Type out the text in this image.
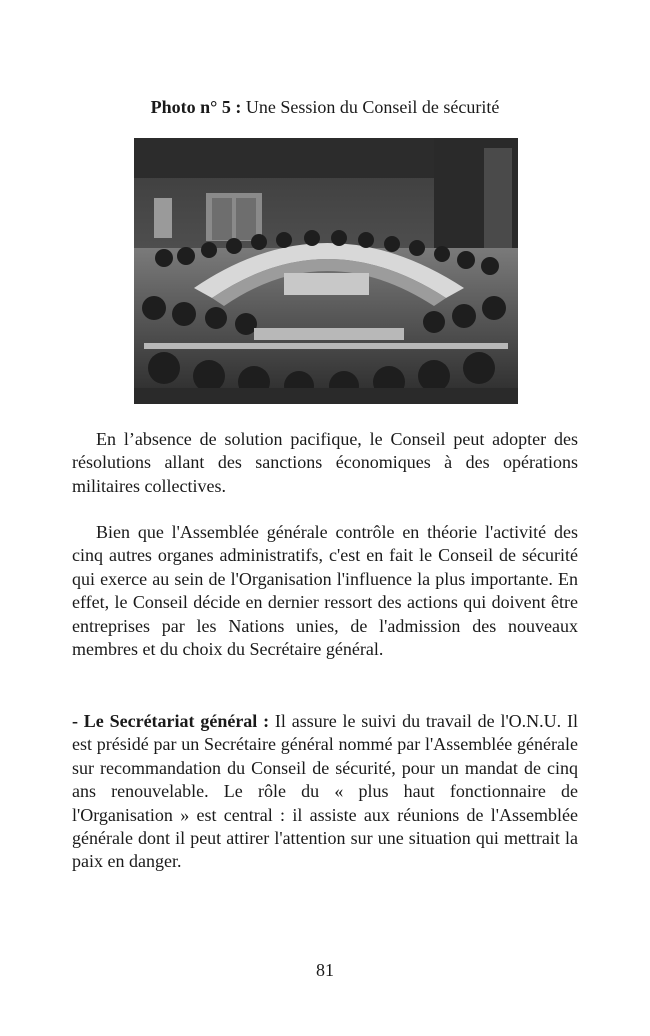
Photo n° 5 : Une Session du Conseil de sécurité

En l’absence de solution pacifique, le Conseil peut adopter des résolutions allant des sanctions économiques à des opérations militaires collectives.

Bien que l'Assemblée générale contrôle en théorie l'activité des cinq autres organes administratifs, c'est en fait le Conseil de sécurité qui exerce au sein de l'Organisation l'influence la plus importante. En effet, le Conseil décide en dernier ressort des actions qui doivent être entreprises par les Nations unies, de l'admission des nouveaux membres et du choix du Secrétaire général.

- Le Secrétariat général : Il assure le suivi du travail de l'O.N.U. Il est présidé par un Secrétaire général nommé par l'Assemblée générale sur recommandation du Conseil de sécurité, pour un mandat de cinq ans renouvelable. Le rôle du « plus haut fonctionnaire de l'Organisation » est central : il assiste aux réunions de l'Assemblée générale dont il peut attirer l'attention sur une situation qui mettrait la paix en danger.

81
